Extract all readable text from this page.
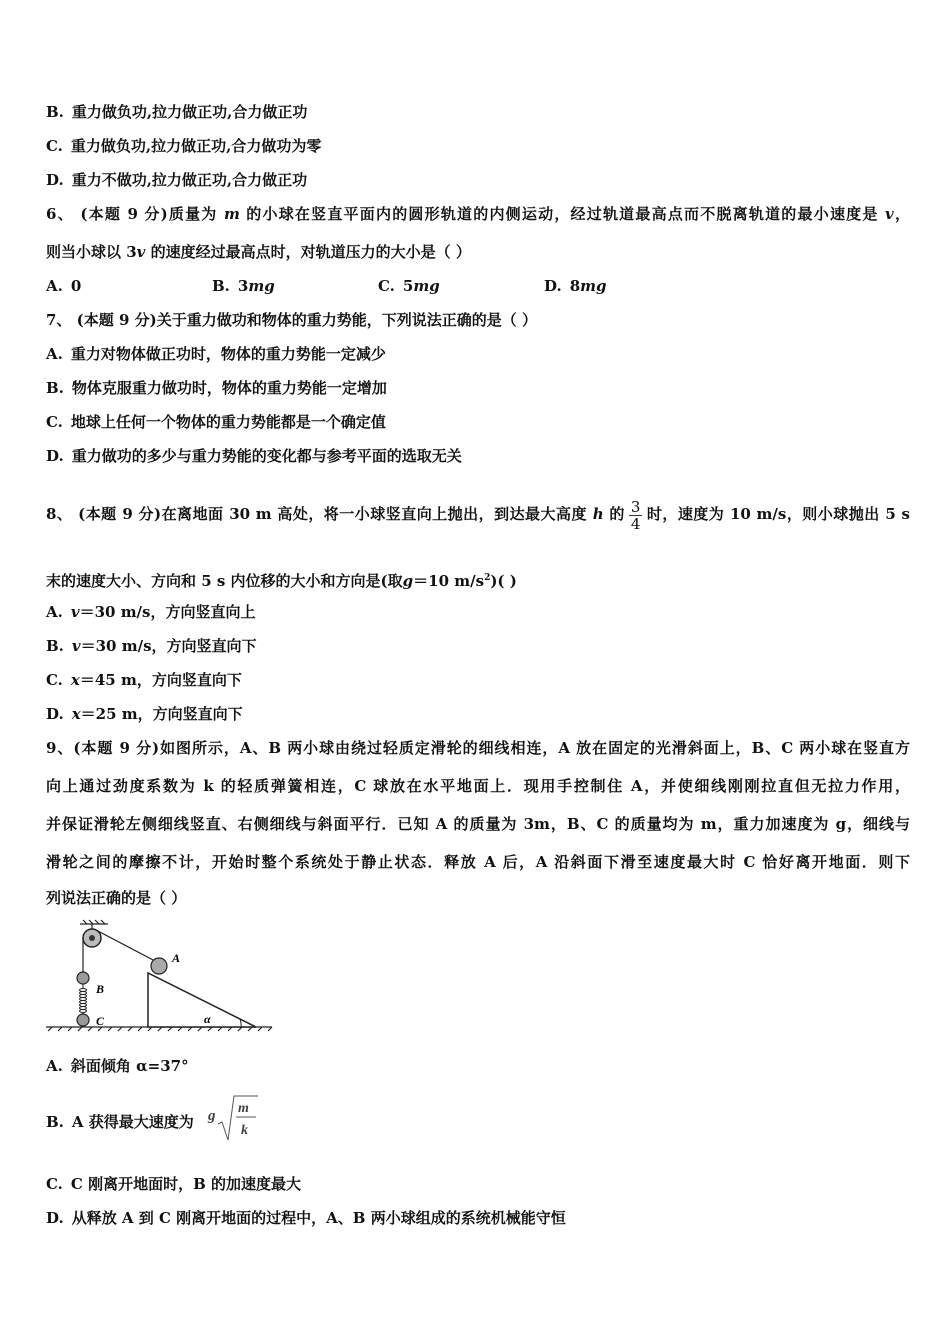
B. 重力做负功,拉力做正功,合力做正功
C. 重力做负功,拉力做正功,合力做功为零
D. 重力不做功,拉力做正功,合力做正功
6、 (本题 9 分)质量为 m 的小球在竖直平面内的圆形轨道的内侧运动，经过轨道最高点而不脱离轨道的最小速度是 v，
则当小球以 3v 的速度经过最高点时，对轨道压力的大小是（ ）
A. 0	B. 3mg	C. 5mg	D. 8mg
7、 (本题 9 分)关于重力做功和物体的重力势能，下列说法正确的是（ ）
A. 重力对物体做正功时，物体的重力势能一定减少
B. 物体克服重力做功时，物体的重力势能一定增加
C. 地球上任何一个物体的重力势能都是一个确定值
D. 重力做功的多少与重力势能的变化都与参考平面的选取无关
8、 (本题 9 分)在离地面 30 m 高处，将一小球竖直向上抛出，到达最大高度 h 的 $\frac{3}{4}$ 时，速度为 10 m/s，则小球抛出 5 s
末的速度大小、方向和 5 s 内位移的大小和方向是(取g＝10 $m/s^2$)( )
A. v＝30 m/s，方向竖直向上
B. v＝30 m/s，方向竖直向下
C. x＝45 m，方向竖直向下
D. x＝25 m，方向竖直向下
9、(本题 9 分)如图所示，A、B 两小球由绕过轻质定滑轮的细线相连，A 放在固定的光滑斜面上，B、C 两小球在竖直方
向上通过劲度系数为 k 的轻质弹簧相连，C 球放在水平地面上．现用手控制住 A，并使细线刚刚拉直但无拉力作用，
并保证滑轮左侧细线竖直、右侧细线与斜面平行．已知 A 的质量为 3m，B、C 的质量均为 m，重力加速度为 g，细线与
滑轮之间的摩擦不计，开始时整个系统处于静止状态．释放 A 后，A 沿斜面下滑至速度最大时 C 恰好离开地面．则下
列说法正确的是（ ）
A
B
C	α
A. 斜面倾角 α=37°
B. A 获得最大速度为 g m
k
C. C 刚离开地面时，B 的加速度最大
D. 从释放 A 到 C 刚离开地面的过程中，A、B 两小球组成的系统机械能守恒
